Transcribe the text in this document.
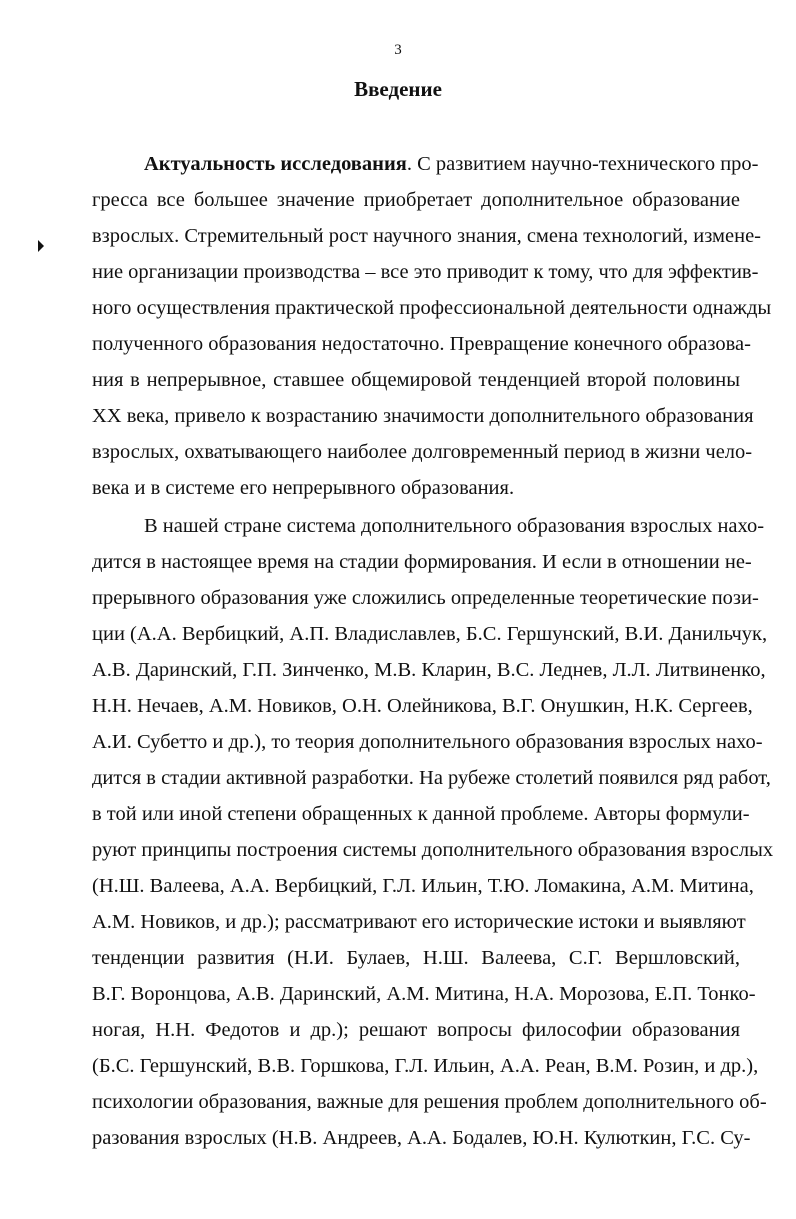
3
Введение
Актуальность исследования. С развитием научно-технического про-
гресса все большее значение приобретает дополнительное образование
взрослых. Стремительный рост научного знания, смена технологий, измене-
ние организации производства – все это приводит к тому, что для эффектив-
ного осуществления практической профессиональной деятельности однажды
полученного образования недостаточно. Превращение конечного образова-
ния в непрерывное, ставшее общемировой тенденцией второй половины
XX века, привело к возрастанию значимости дополнительного образования
взрослых, охватывающего наиболее долговременный период в жизни чело-
века и в системе его непрерывного образования.
В нашей стране система дополнительного образования взрослых нахо-
дится в настоящее время на стадии формирования. И если в отношении не-
прерывного образования уже сложились определенные теоретические пози-
ции (А.А. Вербицкий, А.П. Владиславлев, Б.С. Гершунский, В.И. Данильчук,
А.В. Даринский, Г.П. Зинченко, М.В. Кларин, В.С. Леднев, Л.Л. Литвиненко,
Н.Н. Нечаев, А.М. Новиков, О.Н. Олейникова, В.Г. Онушкин, Н.К. Сергеев,
А.И. Субетто и др.), то теория дополнительного образования взрослых нахо-
дится в стадии активной разработки. На рубеже столетий появился ряд работ,
в той или иной степени обращенных к данной проблеме. Авторы формули-
руют принципы построения системы дополнительного образования взрослых
(Н.Ш. Валеева, А.А. Вербицкий, Г.Л. Ильин, Т.Ю. Ломакина, А.М. Митина,
А.М. Новиков, и др.); рассматривают его исторические истоки и выявляют
тенденции развития (Н.И. Булаев, Н.Ш. Валеева, С.Г. Вершловский,
В.Г. Воронцова, А.В. Даринский, А.М. Митина, Н.А. Морозова, Е.П. Тонко-
ногая, Н.Н. Федотов и др.); решают вопросы философии образования
(Б.С. Гершунский, В.В. Горшкова, Г.Л. Ильин, А.А. Реан, В.М. Розин, и др.),
психологии образования, важные для решения проблем дополнительного об-
разования взрослых (Н.В. Андреев, А.А. Бодалев, Ю.Н. Кулюткин, Г.С. Су-
